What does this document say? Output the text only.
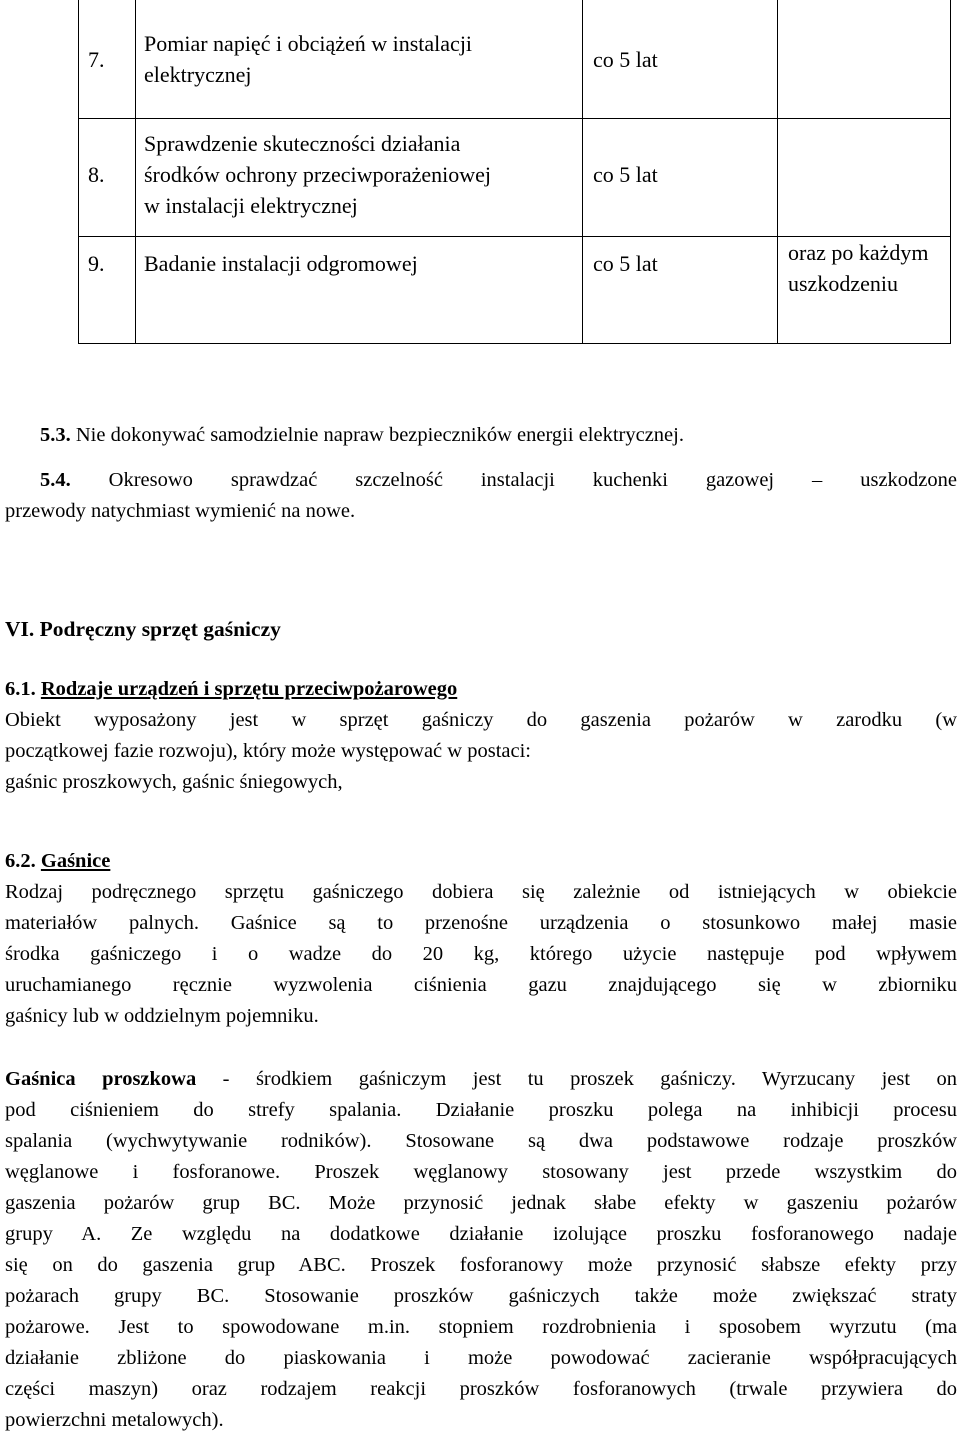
7.	Pomiar napięć i obciążeń w instalacji
elektrycznej	co 5 lat	
8.	Sprawdzenie skuteczności działania
środków ochrony przeciwporażeniowej
w instalacji elektrycznej	co 5 lat	
9.	Badanie instalacji odgromowej	co 5 lat	oraz po każdym
uszkodzeniu

5.3. Nie dokonywać samodzielnie napraw bezpieczników energii elektrycznej.

5.4. Okresowo sprawdzać szczelność instalacji kuchenki gazowej – uszkodzone
przewody natychmiast wymienić na nowe.

VI. Podręczny sprzęt gaśniczy
6.1. Rodzaje urządzeń i sprzętu przeciwpożarowego
Obiekt wyposażony jest w sprzęt gaśniczy do gaszenia pożarów w zarodku (w
początkowej fazie rozwoju), który może występować w postaci:
gaśnic proszkowych, gaśnic śniegowych,
6.2. Gaśnice
Rodzaj podręcznego sprzętu gaśniczego dobiera się zależnie od istniejących w obiekcie
materiałów palnych. Gaśnice są to przenośne urządzenia o stosunkowo małej masie
środka gaśniczego i o wadze do 20 kg, którego użycie następuje pod wpływem
uruchamianego ręcznie wyzwolenia ciśnienia gazu znajdującego się w zbiorniku
gaśnicy lub w oddzielnym pojemniku.
Gaśnica proszkowa - środkiem gaśniczym jest tu proszek gaśniczy. Wyrzucany jest on
pod ciśnieniem do strefy spalania. Działanie proszku polega na inhibicji procesu
spalania (wychwytywanie rodników). Stosowane są dwa podstawowe rodzaje proszków
węglanowe i fosforanowe. Proszek węglanowy stosowany jest przede wszystkim do
gaszenia pożarów grup BC. Może przynosić jednak słabe efekty w gaszeniu pożarów
grupy A. Ze względu na dodatkowe działanie izolujące proszku fosforanowego nadaje
się on do gaszenia grup ABC. Proszek fosforanowy może przynosić słabsze efekty przy
pożarach grupy BC. Stosowanie proszków gaśniczych także może zwiększać straty
pożarowe. Jest to spowodowane m.in. stopniem rozdrobnienia i sposobem wyrzutu (ma
działanie zbliżone do piaskowania i może powodować zacieranie współpracujących
części maszyn) oraz rodzajem reakcji proszków fosforanowych (trwale przywiera do
powierzchni metalowych).
